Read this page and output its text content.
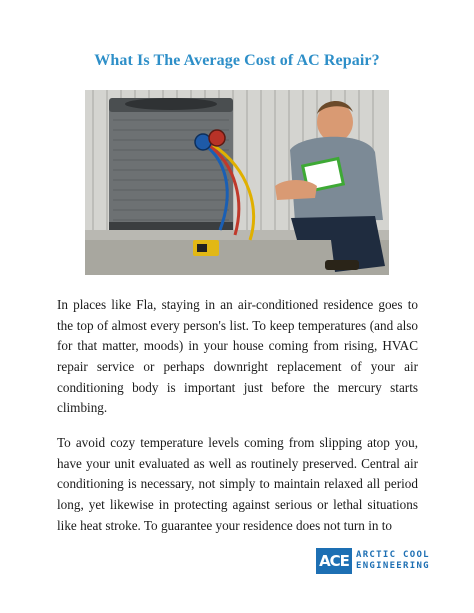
What Is The Average Cost of AC Repair?

In places like Fla, staying in an air-conditioned residence goes to the top of almost every person's list. To keep temperatures (and also for that matter, moods) in your house coming from rising, HVAC repair service or perhaps downright replacement of your air conditioning body is important just before the mercury starts climbing.

To avoid cozy temperature levels coming from slipping atop you, have your unit evaluated as well as routinely preserved. Central air conditioning is necessary, not simply to maintain relaxed all period long, yet likewise in protecting against serious or lethal situations like heat stroke. To guarantee your residence does not turn in to

ACE ARCTIC COOL
ENGINEERING
